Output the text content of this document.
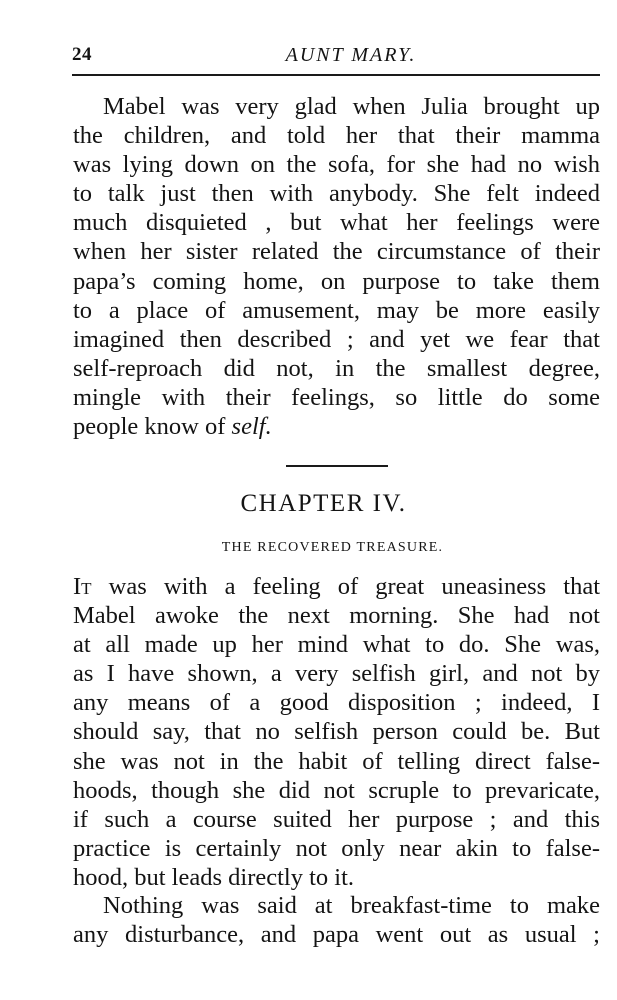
24	AUNT MARY.

Mabel was very glad when Julia brought up
the children, and told her that their mamma
was lying down on the sofa, for she had no wish
to talk just then with anybody. She felt indeed
much disquieted , but what her feelings were
when her sister related the circumstance of their
papa’s coming home, on purpose to take them
to a place of amusement, may be more easily
imagined then described ; and yet we fear that
self-reproach did not, in the smallest degree,
mingle with their feelings, so little do some
people know of self.

CHAPTER IV.
THE RECOVERED TREASURE.

It was with a feeling of great uneasiness that
Mabel awoke the next morning. She had not
at all made up her mind what to do. She was,
as I have shown, a very selfish girl, and not by
any means of a good disposition ; indeed, I
should say, that no selfish person could be. But
she was not in the habit of telling direct false-
hoods, though she did not scruple to prevaricate,
if such a course suited her purpose ; and this
practice is certainly not only near akin to false-
hood, but leads directly to it.

Nothing was said at breakfast-time to make
any disturbance, and papa went out as usual ;
